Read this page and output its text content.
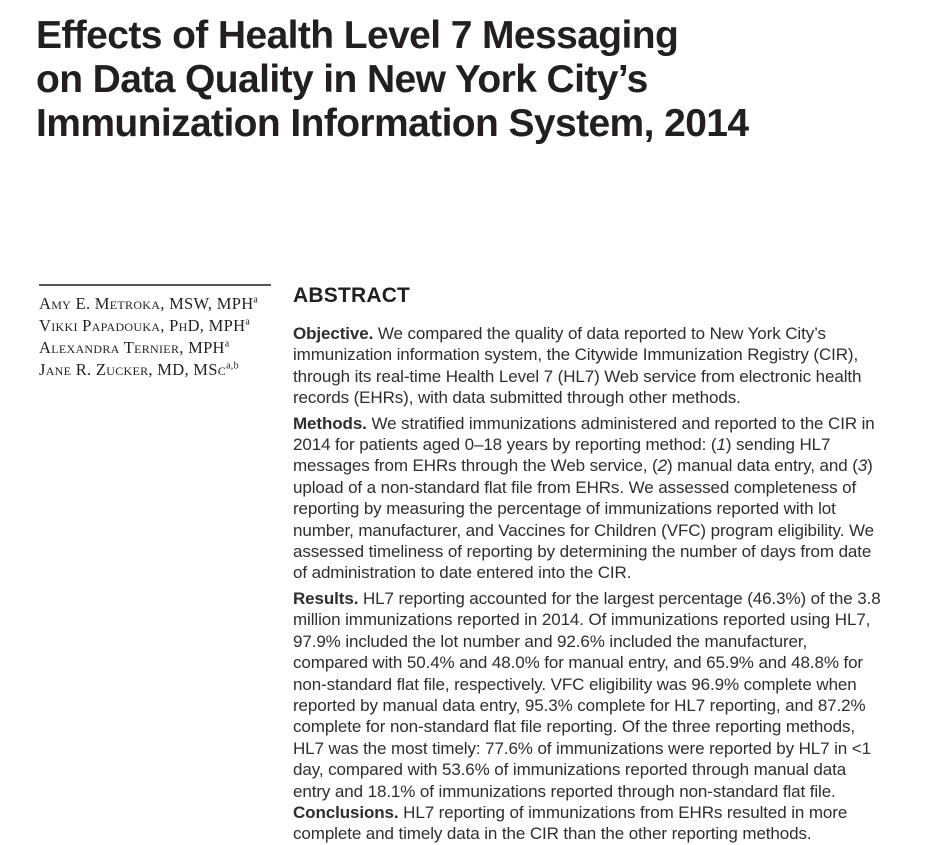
Effects of Health Level 7 Messaging
on Data Quality in New York City’s
Immunization Information System, 2014
Amy E. Metroka, MSW, MPH$^a$
Vikki Papadouka, PhD, MPH$^a$
Alexandra Ternier, MPH$^a$
Jane R. Zucker, MD, MSc$^{a,b}$
ABSTRACT

Objective. We compared the quality of data reported to New York City’s immunization information system, the Citywide Immunization Registry (CIR), through its real-time Health Level 7 (HL7) Web service from electronic health records (EHRs), with data submitted through other methods.

Methods. We stratified immunizations administered and reported to the CIR in 2014 for patients aged 0–18 years by reporting method: (1) sending HL7 messages from EHRs through the Web service, (2) manual data entry, and (3) upload of a non-standard flat file from EHRs. We assessed completeness of reporting by measuring the percentage of immunizations reported with lot number, manufacturer, and Vaccines for Children (VFC) program eligibility. We assessed timeliness of reporting by determining the number of days from date of administration to date entered into the CIR.

Results. HL7 reporting accounted for the largest percentage (46.3%) of the 3.8 million immunizations reported in 2014. Of immunizations reported using HL7, 97.9% included the lot number and 92.6% included the manufacturer, compared with 50.4% and 48.0% for manual entry, and 65.9% and 48.8% for non-standard flat file, respectively. VFC eligibility was 96.9% complete when reported by manual data entry, 95.3% complete for HL7 reporting, and 87.2% complete for non-standard flat file reporting. Of the three reporting methods, HL7 was the most timely: 77.6% of immunizations were reported by HL7 in <1 day, compared with 53.6% of immunizations reported through manual data entry and 18.1% of immunizations reported through non-standard flat file.

Conclusions. HL7 reporting of immunizations from EHRs resulted in more complete and timely data in the CIR than the other reporting methods.
